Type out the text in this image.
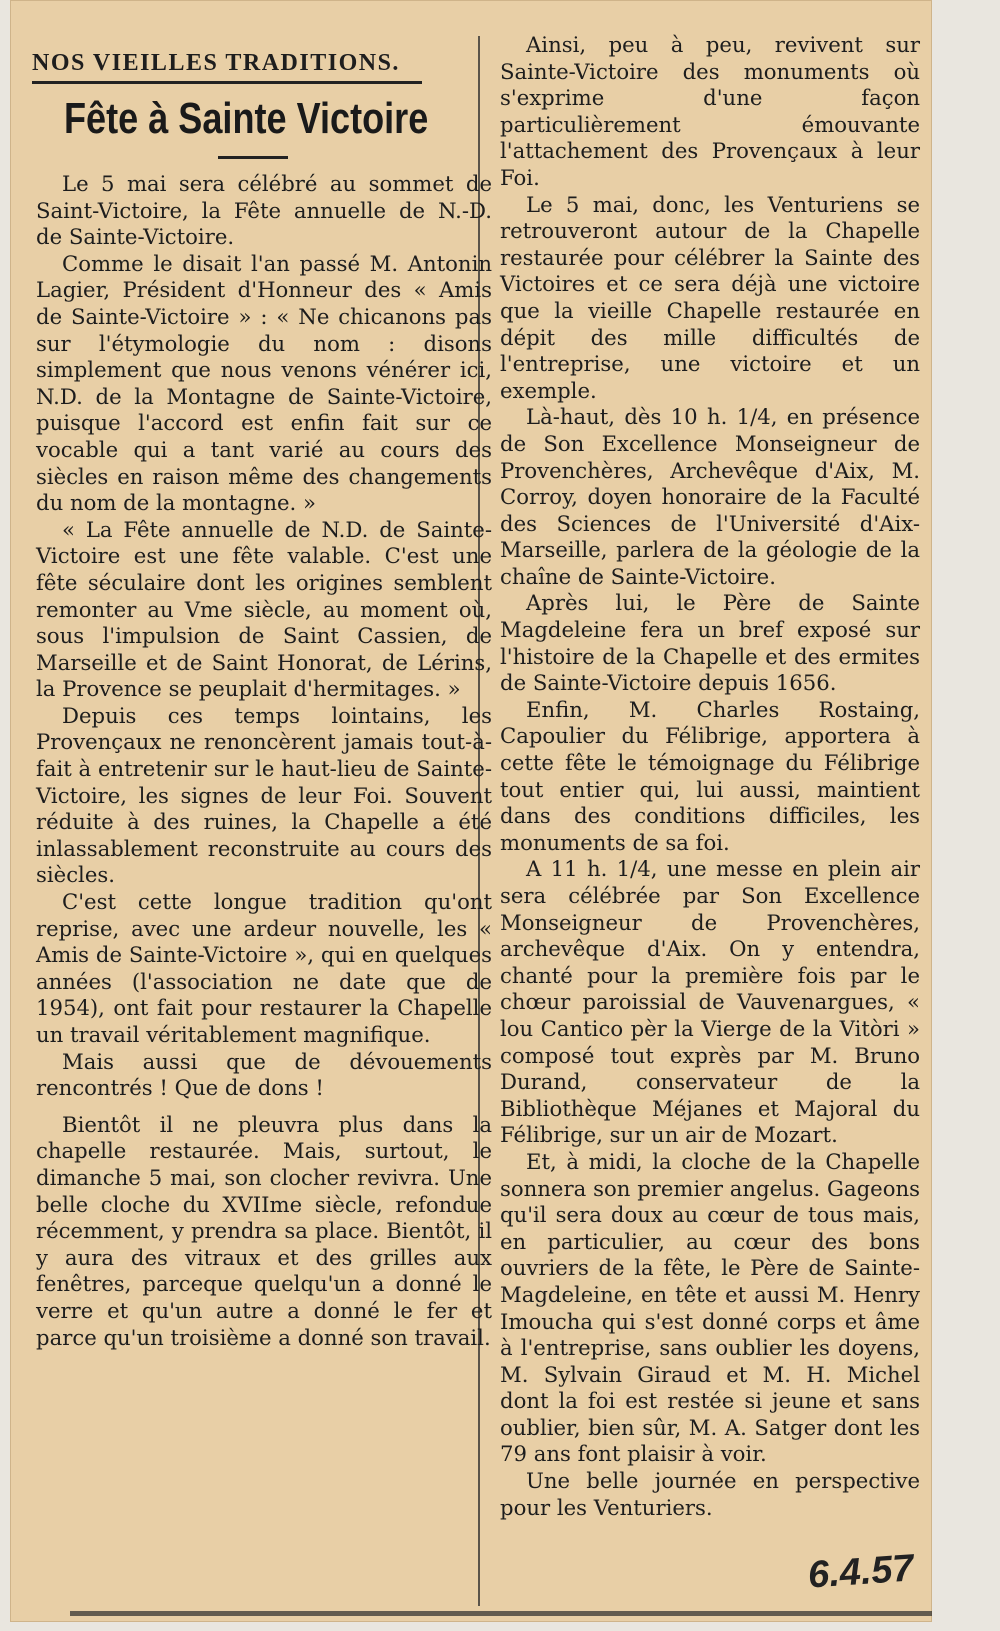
NOS VIEILLES TRADITIONS.
Fête à Sainte Victoire

Le 5 mai sera célébré au sommet de Saint-Victoire, la Fête annuelle de N.-D. de Sainte-Victoire.

Comme le disait l'an passé M. Antonin Lagier, Président d'Honneur des « Amis de Sainte-Victoire » : « Ne chicanons pas sur l'étymologie du nom : disons simplement que nous venons vénérer ici, N.D. de la Montagne de Sainte-Victoire, puisque l'accord est enfin fait sur ce vocable qui a tant varié au cours des siècles en raison même des changements du nom de la montagne. »

« La Fête annuelle de N.D. de Sainte-Victoire est une fête valable. C'est une fête séculaire dont les origines semblent remonter au Vme siècle, au moment où, sous l'impulsion de Saint Cassien, de Marseille et de Saint Honorat, de Lérins, la Provence se peuplait d'hermitages. »

Depuis ces temps lointains, les Provençaux ne renoncèrent jamais tout-à-fait à entretenir sur le haut-lieu de Sainte-Victoire, les signes de leur Foi. Souvent réduite à des ruines, la Chapelle a été inlassablement reconstruite au cours des siècles.

C'est cette longue tradition qu'ont reprise, avec une ardeur nouvelle, les « Amis de Sainte-Victoire », qui en quelques années (l'association ne date que de 1954), ont fait pour restaurer la Chapelle un travail véritablement magnifique.

Mais aussi que de dévouements rencontrés ! Que de dons !

Bientôt il ne pleuvra plus dans la chapelle restaurée. Mais, surtout, le dimanche 5 mai, son clocher revivra. Une belle cloche du XVIIme siècle, refondue récemment, y prendra sa place. Bientôt, il y aura des vitraux et des grilles aux fenêtres, parceque quelqu'un a donné le verre et qu'un autre a donné le fer et parce qu'un troisième a donné son travail.

Ainsi, peu à peu, revivent sur Sainte-Victoire des monuments où s'exprime d'une façon particulièrement émouvante l'attachement des Provençaux à leur Foi.

Le 5 mai, donc, les Venturiens se retrouveront autour de la Chapelle restaurée pour célébrer la Sainte des Victoires et ce sera déjà une victoire que la vieille Chapelle restaurée en dépit des mille difficultés de l'entreprise, une victoire et un exemple.

Là-haut, dès 10 h. 1/4, en présence de Son Excellence Monseigneur de Provenchères, Archevêque d'Aix, M. Corroy, doyen honoraire de la Faculté des Sciences de l'Université d'Aix-Marseille, parlera de la géologie de la chaîne de Sainte-Victoire.

Après lui, le Père de Sainte Magdeleine fera un bref exposé sur l'histoire de la Chapelle et des ermites de Sainte-Victoire depuis 1656.

Enfin, M. Charles Rostaing, Capoulier du Félibrige, apportera à cette fête le témoignage du Félibrige tout entier qui, lui aussi, maintient dans des conditions difficiles, les monuments de sa foi.

A 11 h. 1/4, une messe en plein air sera célébrée par Son Excellence Monseigneur de Provenchères, archevêque d'Aix. On y entendra, chanté pour la première fois par le chœur paroissial de Vauvenargues, « lou Cantico pèr la Vierge de la Vitòri » composé tout exprès par M. Bruno Durand, conservateur de la Bibliothèque Méjanes et Majoral du Félibrige, sur un air de Mozart.

Et, à midi, la cloche de la Chapelle sonnera son premier angelus. Gageons qu'il sera doux au cœur de tous mais, en particulier, au cœur des bons ouvriers de la fête, le Père de Sainte-Magdeleine, en tête et aussi M. Henry Imoucha qui s'est donné corps et âme à l'entreprise, sans oublier les doyens, M. Sylvain Giraud et M. H. Michel dont la foi est restée si jeune et sans oublier, bien sûr, M. A. Satger dont les 79 ans font plaisir à voir.

Une belle journée en perspective pour les Venturiers.

6.4.57
